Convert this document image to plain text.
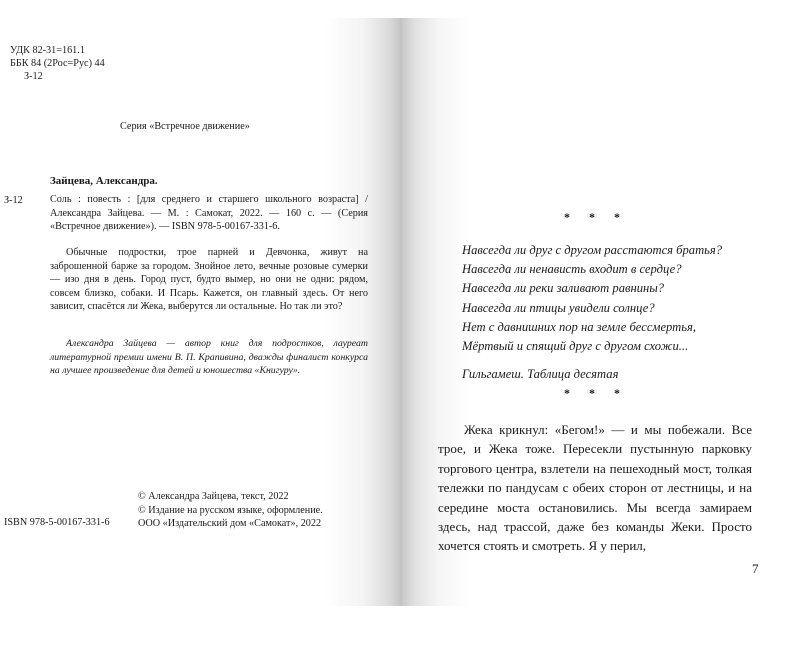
УДК 82-31=161.1
ББК 84 (2Рос=Рус) 44
З-12
Серия «Встречное движение»
Зайцева, Александра.
З-12	Соль : повесть : [для среднего и старшего школьного возраста] / Александра Зайцева. — М. : Самокат, 2022. — 160 с. — (Серия «Встречное движение»). — ISBN 978-5-00167-331-6.

Обычные подростки, трое парней и Девчонка, живут на заброшенной барже за городом. Знойное лето, вечные розовые сумерки — изо дня в день. Город пуст, будто вымер, но они не одни: рядом, совсем близко, собаки. И Псарь. Кажется, он главный здесь. От него зависит, спасётся ли Жека, выберутся ли остальные. Но так ли это?

Александра Зайцева — автор книг для подростков, лауреат литературной премии имени В. П. Крапивина, дважды финалист конкурса на лучшее произведение для детей и юношества «Книгуру».

© Александра Зайцева, текст, 2022
© Издание на русском языке, оформление.
ООО «Издательский дом «Самокат», 2022
ISBN 978-5-00167-331-6
* * *
Навсегда ли друг с другом расстаются братья?
Навсегда ли ненависть входит в сердце?
Навсегда ли реки заливают равнины?
Навсегда ли птицы увидели солнце?
Нет с давнишних пор на земле бессмертья,
Мёртвый и спящий друг с другом схожи...
Гильгамеш. Таблица десятая
* * *

Жека крикнул: «Бегом!» — и мы побежали. Все трое, и Жека тоже. Пересекли пустынную парковку торгового центра, взлетели на пешеходный мост, толкая тележки по пандусам с обеих сторон от лестницы, и на середине моста остановились. Мы всегда замираем здесь, над трассой, даже без команды Жеки. Просто хочется стоять и смотреть. Я у перил,

7
